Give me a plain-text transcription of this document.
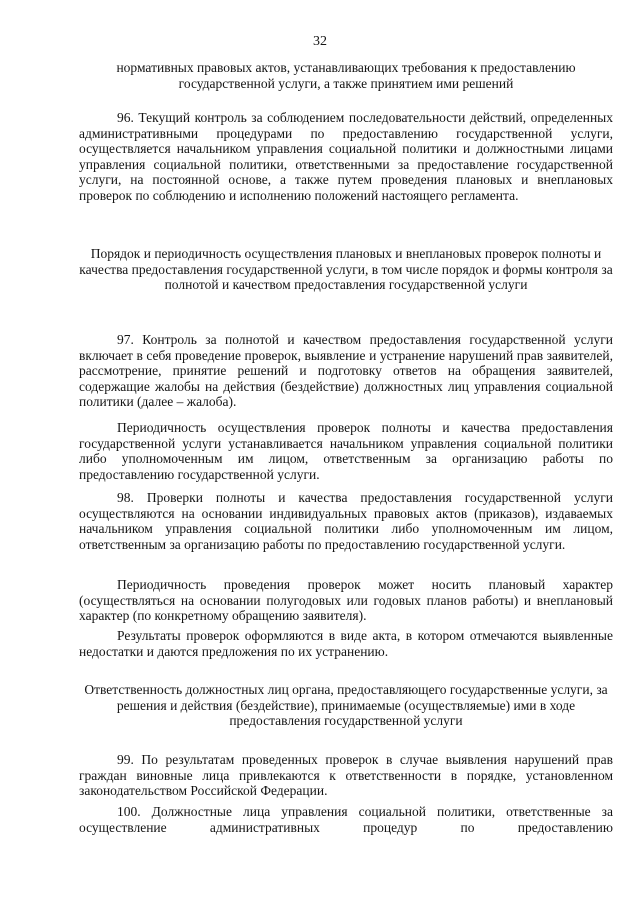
32
нормативных правовых актов, устанавливающих требования к предоставлению государственной услуги, а также принятием ими решений

96. Текущий контроль за соблюдением последовательности действий, определенных административными процедурами по предоставлению государственной услуги, осуществляется начальником управления социальной политики и должностными лицами управления социальной политики, ответственными за предоставление государственной услуги, на постоянной основе, а также путем проведения плановых и внеплановых проверок по соблюдению и исполнению положений настоящего регламента.

Порядок и периодичность осуществления плановых и внеплановых проверок полноты и качества предоставления государственной услуги, в том числе порядок и формы контроля за полнотой и качеством предоставления государственной услуги

97. Контроль за полнотой и качеством предоставления государственной услуги включает в себя проведение проверок, выявление и устранение нарушений прав заявителей, рассмотрение, принятие решений и подготовку ответов на обращения заявителей, содержащие жалобы на действия (бездействие) должностных лиц управления социальной политики (далее – жалоба).

Периодичность осуществления проверок полноты и качества предоставления государственной услуги устанавливается начальником управления социальной политики либо уполномоченным им лицом, ответственным за организацию работы по предоставлению государственной услуги.

98. Проверки полноты и качества предоставления государственной услуги осуществляются на основании индивидуальных правовых актов (приказов), издаваемых начальником управления социальной политики либо уполномоченным им лицом, ответственным за организацию работы по предоставлению государственной услуги.

Периодичность проведения проверок может носить плановый характер (осуществляться на основании полугодовых или годовых планов работы) и внеплановый характер (по конкретному обращению заявителя).

Результаты проверок оформляются в виде акта, в котором отмечаются выявленные недостатки и даются предложения по их устранению.

Ответственность должностных лиц органа, предоставляющего государственные услуги, за решения и действия (бездействие), принимаемые (осуществляемые) ими в ходе предоставления государственной услуги

99. По результатам проведенных проверок в случае выявления нарушений прав граждан виновные лица привлекаются к ответственности в порядке, установленном законодательством Российской Федерации.

100. Должностные лица управления социальной политики, ответственные за осуществление административных процедур по предоставлению
